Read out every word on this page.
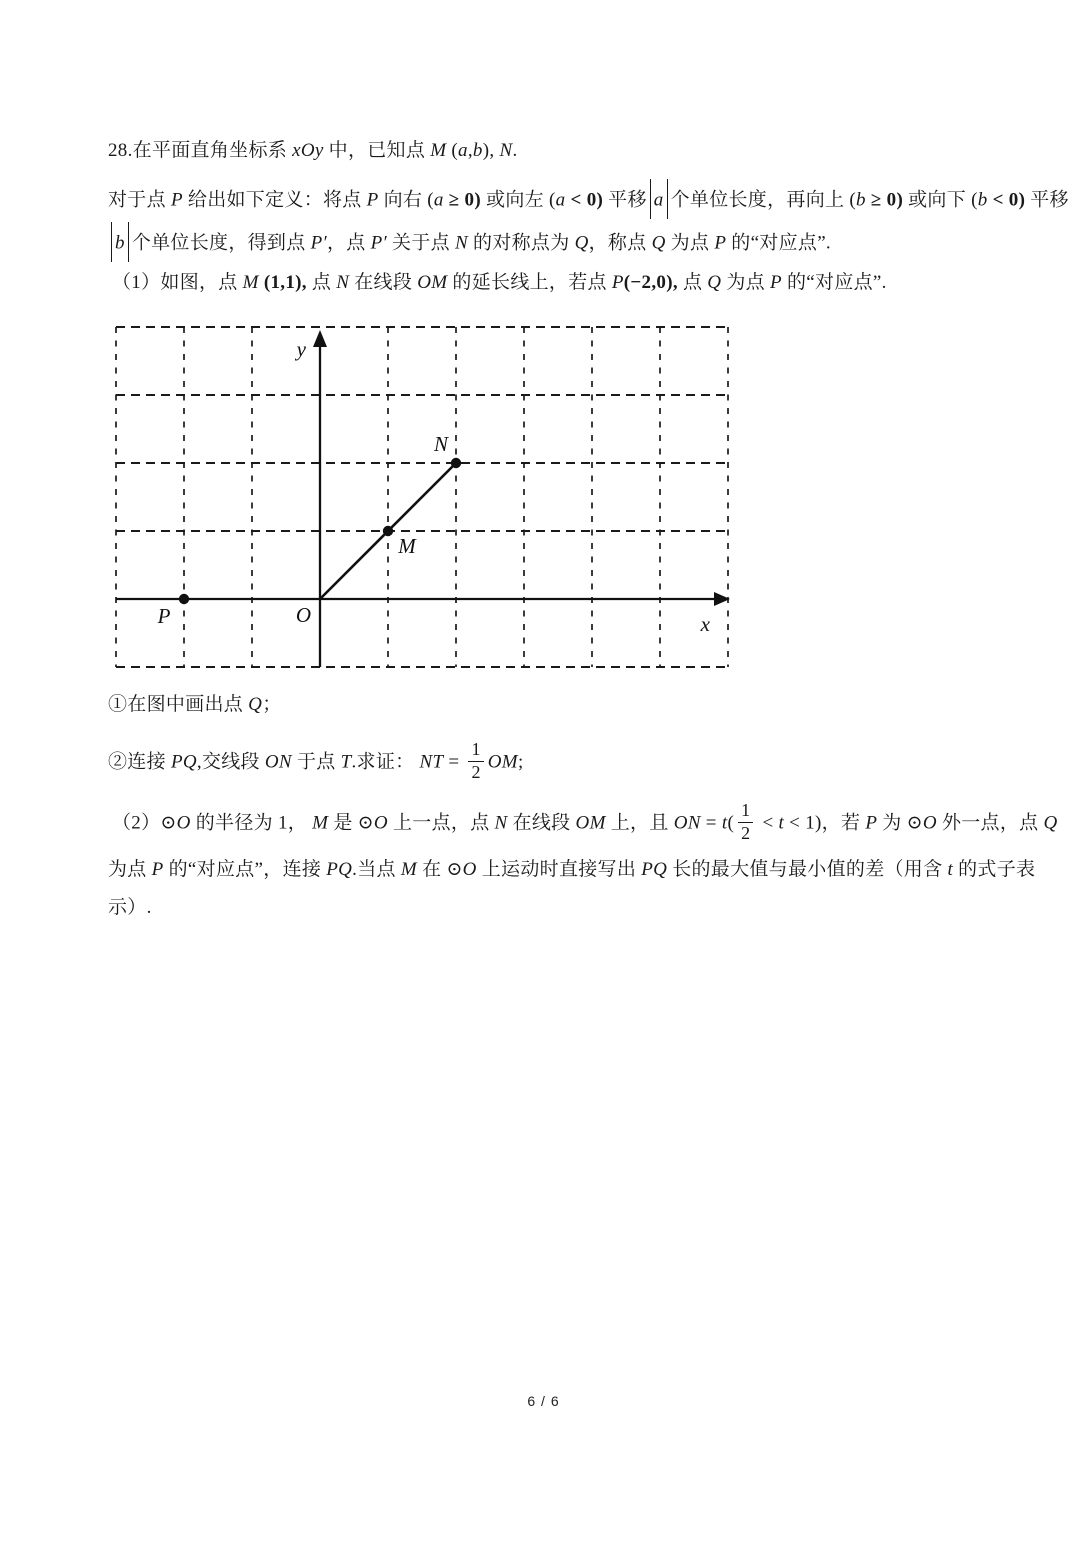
28.在平面直角坐标系 xOy 中，已知点 M (a,b), N.
对于点 P 给出如下定义：将点 P 向右 (a ≥ 0) 或向左 (a < 0) 平移 a 个单位长度，再向上 (b ≥ 0) 或向下 (b < 0) 平移
b 个单位长度，得到点 P′，点 P′ 关于点 N 的对称点为 Q，称点 Q 为点 P 的“对应点”.
（1）如图，点 M (1,1), 点 N 在线段 OM 的延长线上，若点 P(−2,0), 点 Q 为点 P 的“对应点”.
y
x
O
P
M
N
①在图中画出点 Q；
②连接 PQ,交线段 ON 于点 T.求证： NT = $\frac{1}{2}$ OM;
（2）⊙O 的半径为 1， M 是 ⊙O 上一点，点 N 在线段 OM 上，且 ON = $t( \frac{1}{2} < t < 1)$，若 P 为 ⊙O 外一点，点 Q
为点 P 的“对应点”，连接 PQ.当点 M 在 ⊙O 上运动时直接写出 PQ 长的最大值与最小值的差（用含 t 的式子表
示）.
6 / 6
